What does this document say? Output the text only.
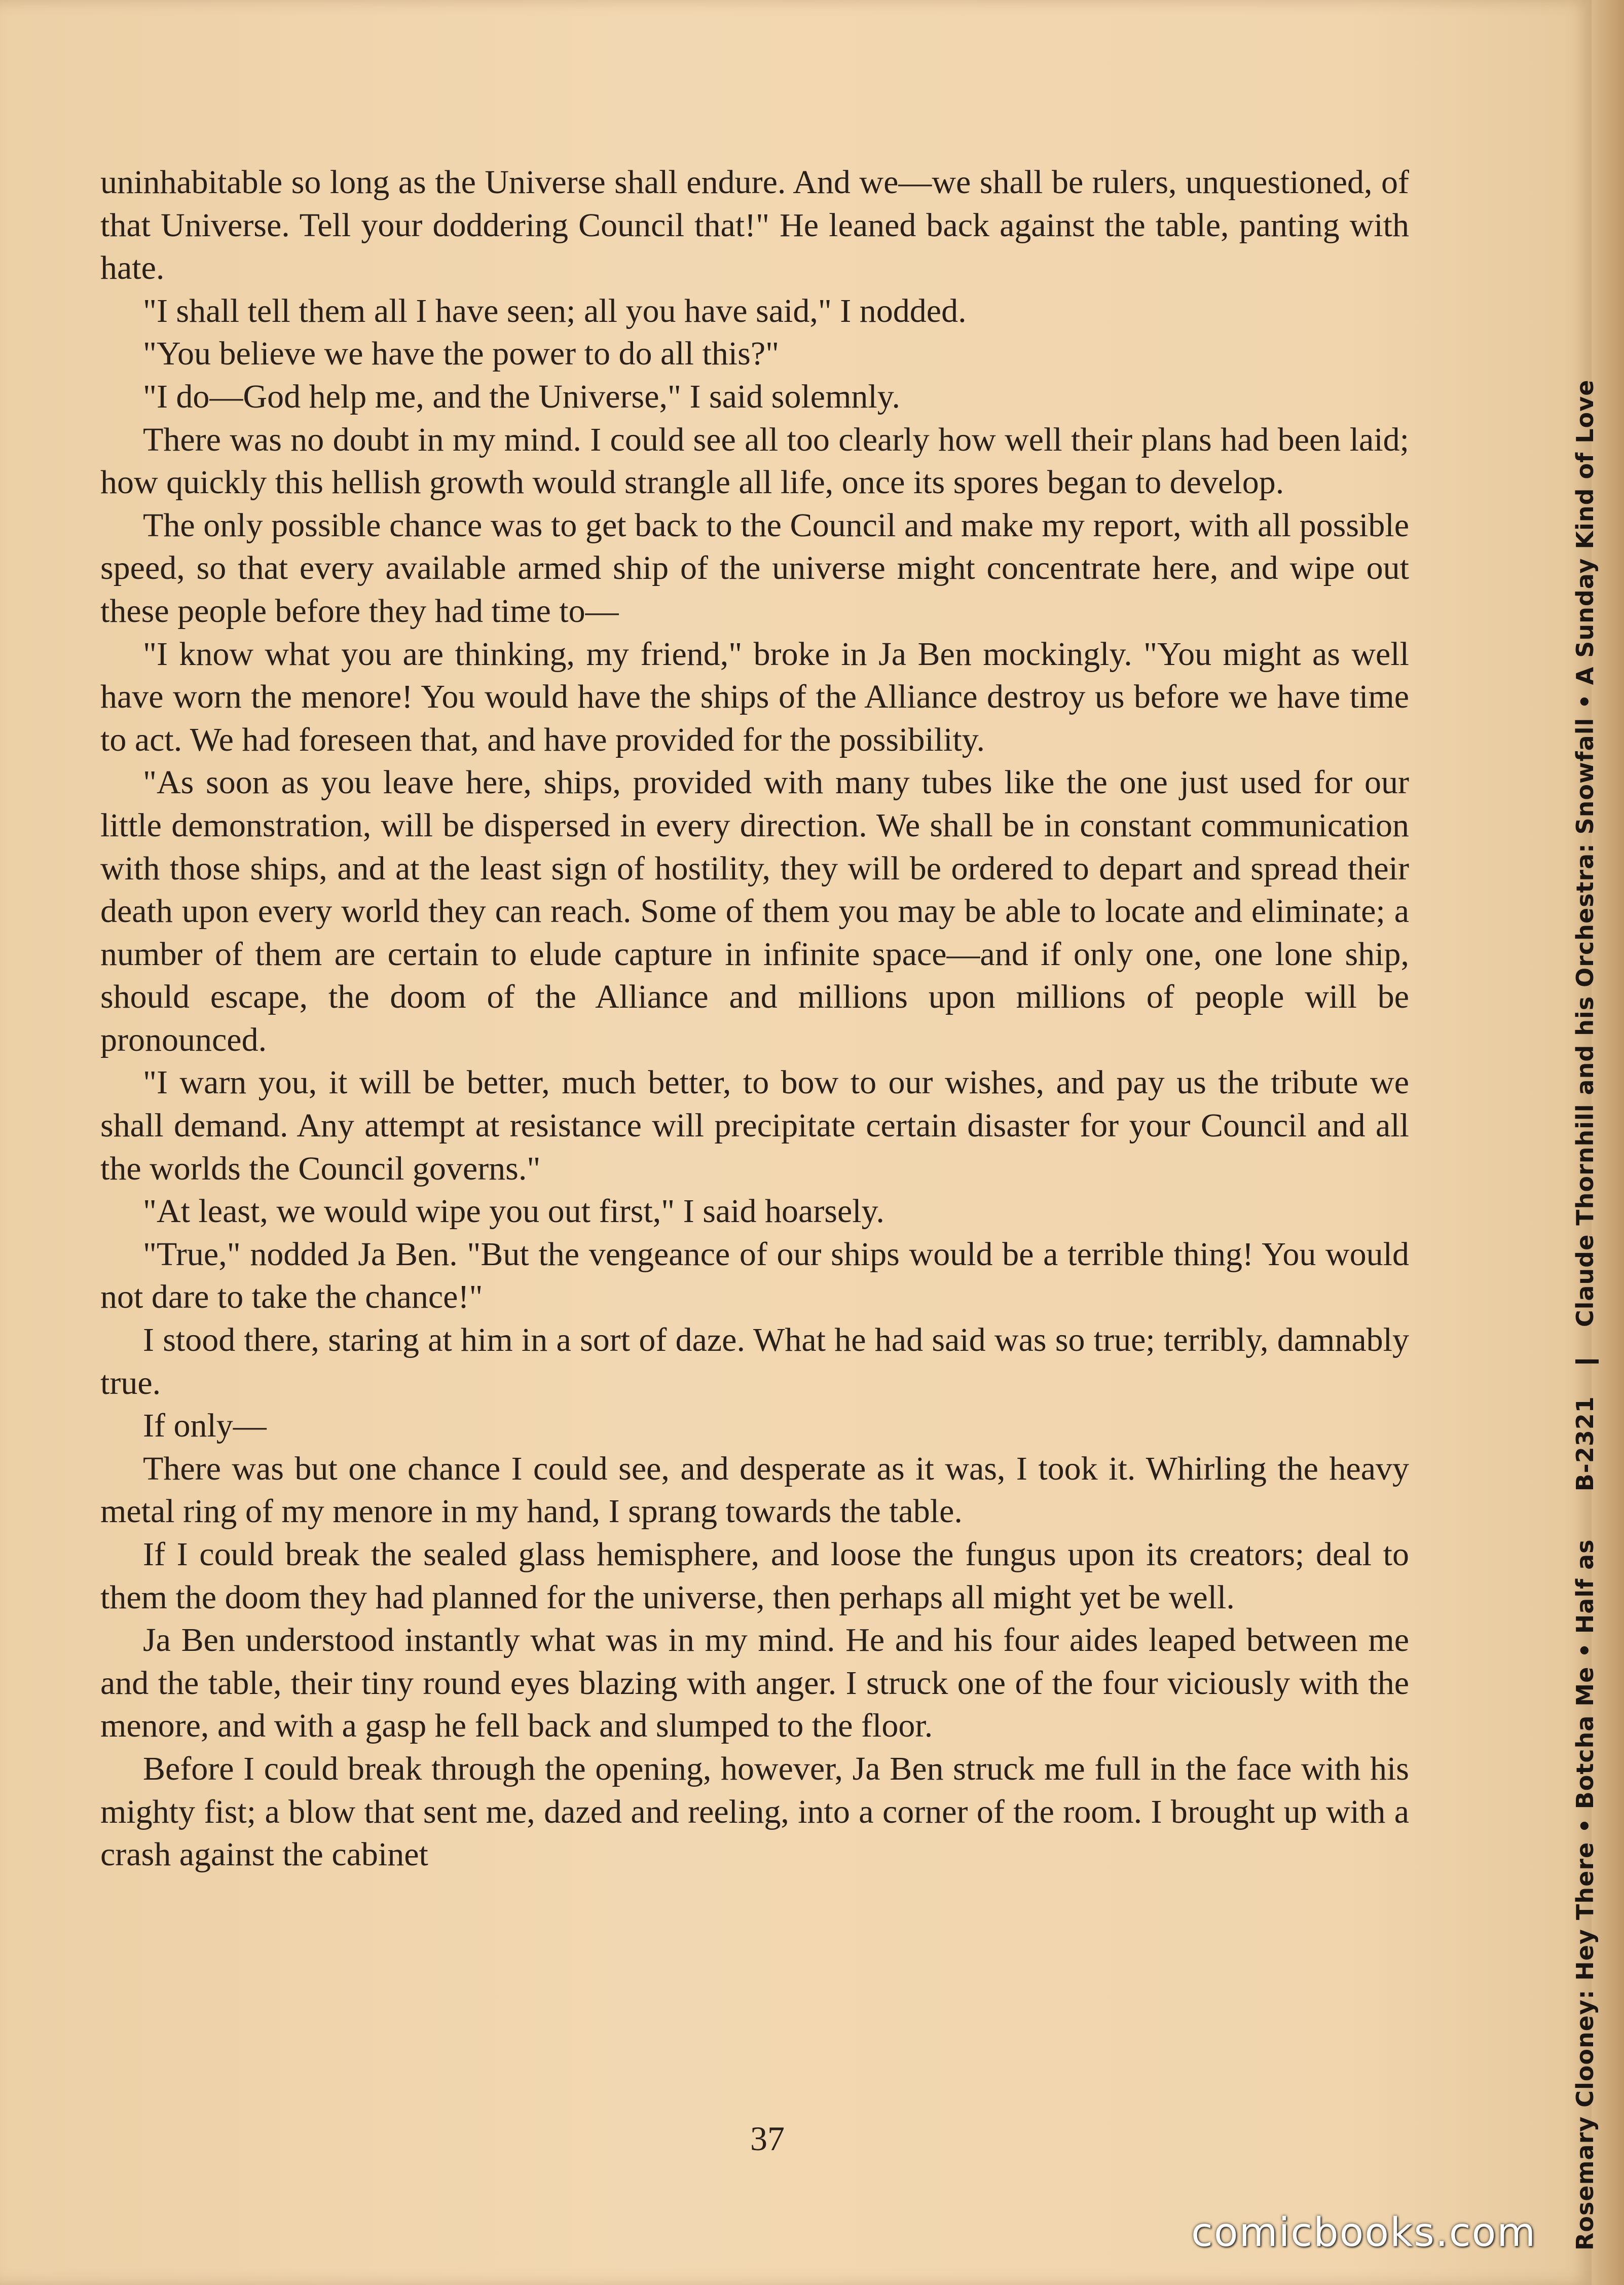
uninhabitable so long as the Universe shall endure. And we—we shall be rulers, unquestioned, of that Universe. Tell your doddering Council that!" He leaned back against the table, panting with hate.

"I shall tell them all I have seen; all you have said," I nodded.

"You believe we have the power to do all this?"

"I do—God help me, and the Universe," I said solemnly.

There was no doubt in my mind. I could see all too clearly how well their plans had been laid; how quickly this hellish growth would strangle all life, once its spores began to develop.

The only possible chance was to get back to the Council and make my report, with all possible speed, so that every available armed ship of the universe might concentrate here, and wipe out these people before they had time to—

"I know what you are thinking, my friend," broke in Ja Ben mockingly. "You might as well have worn the menore! You would have the ships of the Alliance destroy us before we have time to act. We had foreseen that, and have provided for the possibility.

"As soon as you leave here, ships, provided with many tubes like the one just used for our little demonstration, will be dispersed in every direction. We shall be in constant communication with those ships, and at the least sign of hostility, they will be ordered to depart and spread their death upon every world they can reach. Some of them you may be able to locate and eliminate; a number of them are certain to elude capture in infinite space—and if only one, one lone ship, should escape, the doom of the Alliance and millions upon millions of people will be pronounced.

"I warn you, it will be better, much better, to bow to our wishes, and pay us the tribute we shall demand. Any attempt at resistance will precipitate certain disaster for your Council and all the worlds the Council governs."

"At least, we would wipe you out first," I said hoarsely.

"True," nodded Ja Ben. "But the vengeance of our ships would be a terrible thing! You would not dare to take the chance!"

I stood there, staring at him in a sort of daze. What he had said was so true; terribly, damnably true.

If only—

There was but one chance I could see, and desperate as it was, I took it. Whirling the heavy metal ring of my menore in my hand, I sprang towards the table.

If I could break the sealed glass hemisphere, and loose the fungus upon its creators; deal to them the doom they had planned for the universe, then perhaps all might yet be well.

Ja Ben understood instantly what was in my mind. He and his four aides leaped between me and the table, their tiny round eyes blazing with anger. I struck one of the four viciously with the menore, and with a gasp he fell back and slumped to the floor.

Before I could break through the opening, however, Ja Ben struck me full in the face with his mighty fist; a blow that sent me, dazed and reeling, into a corner of the room. I brought up with a crash against the cabinet

37	Rosemary Clooney: Hey There • Botcha Me • Half as  B-2321    Claude Thornhill and his Orchestra: Snowfall • A Sunday Kind of Love
comicbooks.com
